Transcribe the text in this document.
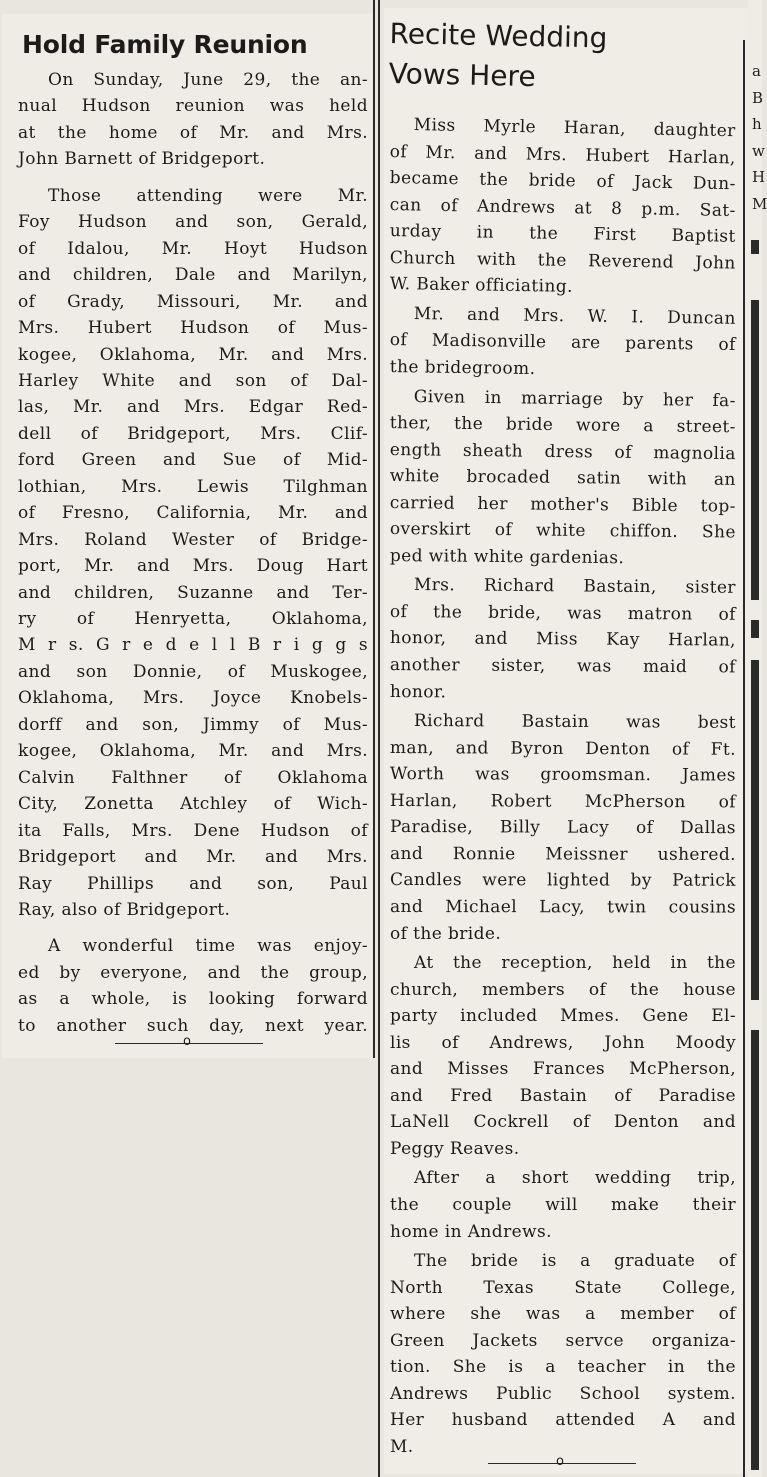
Hold Family Reunion

On Sunday, June 29, the an-

nual Hudson reunion was held

at the home of Mr. and Mrs.

John Barnett of Bridgeport.

Those attending were Mr.

Foy Hudson and son, Gerald,

of Idalou, Mr. Hoyt Hudson

and children, Dale and Marilyn,

of Grady, Missouri, Mr. and

Mrs. Hubert Hudson of Mus-

kogee, Oklahoma, Mr. and Mrs.

Harley White and son of Dal-

las, Mr. and Mrs. Edgar Red-

dell of Bridgeport, Mrs. Clif-

ford Green and Sue of Mid-

lothian, Mrs. Lewis Tilghman

of Fresno, California, Mr. and

Mrs. Roland Wester of Bridge-

port, Mr. and Mrs. Doug Hart

and children, Suzanne and Ter-

ry of Henryetta, Oklahoma,

M r s. G r e d e l l B r i g g s

and son Donnie, of Muskogee,

Oklahoma, Mrs. Joyce Knobels-

dorff and son, Jimmy of Mus-

kogee, Oklahoma, Mr. and Mrs.

Calvin Falthner of Oklahoma

City, Zonetta Atchley of Wich-

ita Falls, Mrs. Dene Hudson of

Bridgeport and Mr. and Mrs.

Ray Phillips and son, Paul

Ray, also of Bridgeport.

A wonderful time was enjoy-

ed by everyone, and the group,

as a whole, is looking forward

to another such day, next year.

o
Recite Wedding
Vows Here

Miss Myrle Haran, daughter

of Mr. and Mrs. Hubert Harlan,

became the bride of Jack Dun-

can of Andrews at 8 p.m. Sat-

urday in the First Baptist

Church with the Reverend John

W. Baker officiating.

Mr. and Mrs. W. I. Duncan

of Madisonville are parents of

the bridegroom.

Given in marriage by her fa-

ther, the bride wore a street-

ength sheath dress of magnolia

white brocaded satin with an

carried her mother's Bible top-

overskirt of white chiffon. She

ped with white gardenias.

Mrs. Richard Bastain, sister

of the bride, was matron of

honor, and Miss Kay Harlan,

another sister, was maid of

honor.

Richard Bastain was best

man, and Byron Denton of Ft.

Worth was groomsman. James

Harlan, Robert McPherson of

Paradise, Billy Lacy of Dallas

and Ronnie Meissner ushered.

Candles were lighted by Patrick

and Michael Lacy, twin cousins

of the bride.

At the reception, held in the

church, members of the house

party included Mmes. Gene El-

lis of Andrews, John Moody

and Misses Frances McPherson,

and Fred Bastain of Paradise

LaNell Cockrell of Denton and

Peggy Reaves.

After a short wedding trip,

the couple will make their

home in Andrews.

The bride is a graduate of

North Texas State College,

where she was a member of

Green Jackets servce organiza-

tion. She is a teacher in the

Andrews Public School system.

Her husband attended A and

M.

o
a
B
h
w
H
M
